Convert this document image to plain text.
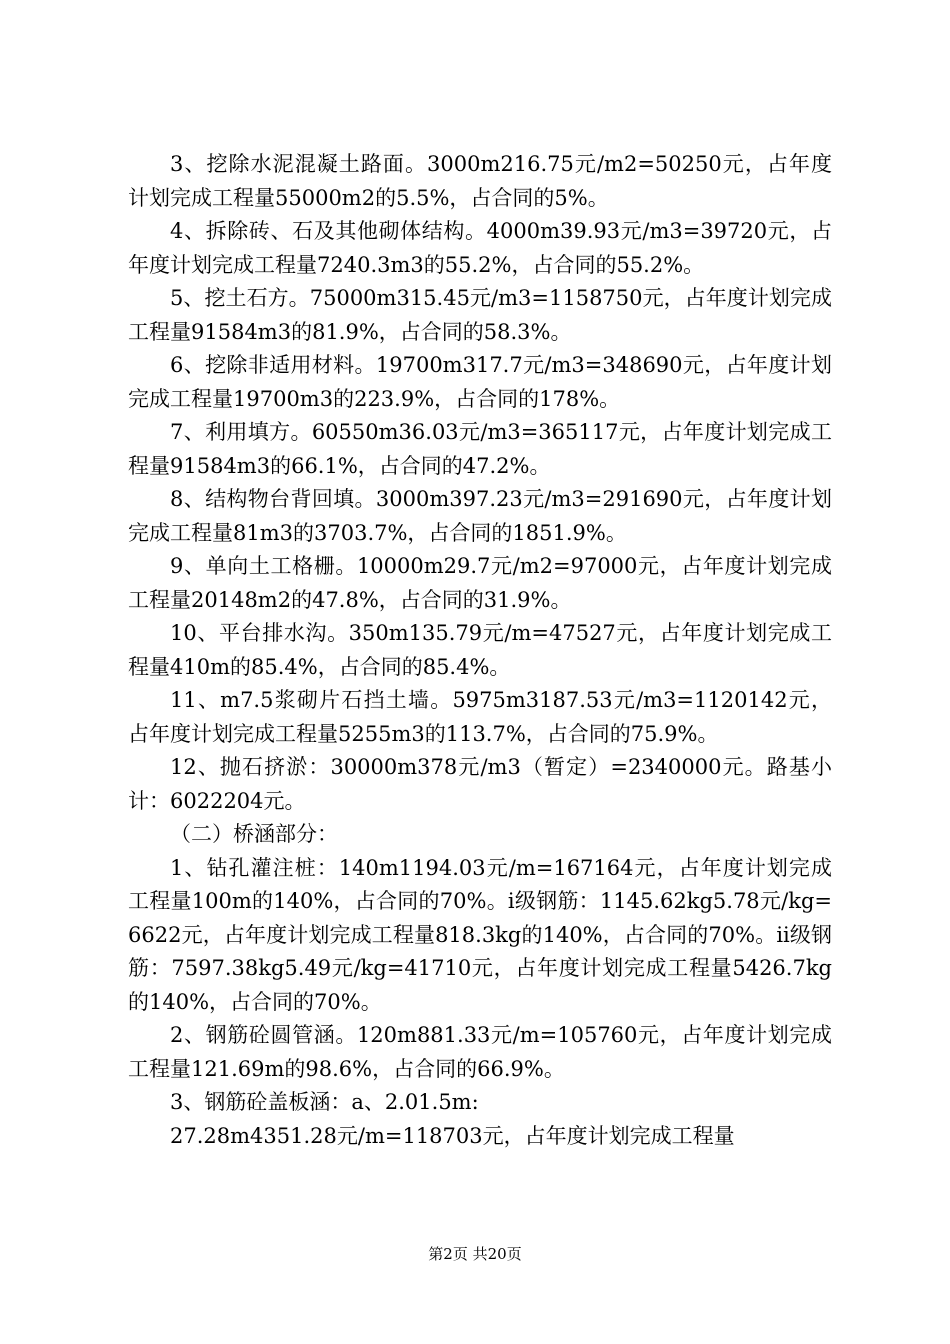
3、挖除水泥混凝土路面。3000m216.75元/m2=50250元，占年度计划完成工程量55000m2的5.5%，占合同的5%。

4、拆除砖、石及其他砌体结构。4000m39.93元/m3=39720元，占年度计划完成工程量7240.3m3的55.2%，占合同的55.2%。

5、挖土石方。75000m315.45元/m3=1158750元，占年度计划完成工程量91584m3的81.9%，占合同的58.3%。

6、挖除非适用材料。19700m317.7元/m3=348690元，占年度计划完成工程量19700m3的223.9%，占合同的178%。

7、利用填方。60550m36.03元/m3=365117元，占年度计划完成工程量91584m3的66.1%，占合同的47.2%。

8、结构物台背回填。3000m397.23元/m3=291690元，占年度计划完成工程量81m3的3703.7%，占合同的1851.9%。

9、单向土工格栅。10000m29.7元/m2=97000元，占年度计划完成工程量20148m2的47.8%，占合同的31.9%。

10、平台排水沟。350m135.79元/m=47527元，占年度计划完成工程量410m的85.4%，占合同的85.4%。

11、m7.5浆砌片石挡土墙。5975m3187.53元/m3=1120142元，占年度计划完成工程量5255m3的113.7%，占合同的75.9%。

12、抛石挤淤：30000m378元/m3（暂定）=2340000元。路基小计：6022204元。

（二）桥涵部分：

1、钻孔灌注桩：140m1194.03元/m=167164元，占年度计划完成工程量100m的140%，占合同的70%。i级钢筋：1145.62kg5.78元/kg=6622元，占年度计划完成工程量818.3kg的140%，占合同的70%。ii级钢筋：7597.38kg5.49元/kg=41710元，占年度计划完成工程量5426.7kg的140%，占合同的70%。

2、钢筋砼圆管涵。120m881.33元/m=105760元，占年度计划完成工程量121.69m的98.6%，占合同的66.9%。

3、钢筋砼盖板涵：a、2.01.5m:

27.28m4351.28元/m=118703元，占年度计划完成工程量

第2页 共20页
